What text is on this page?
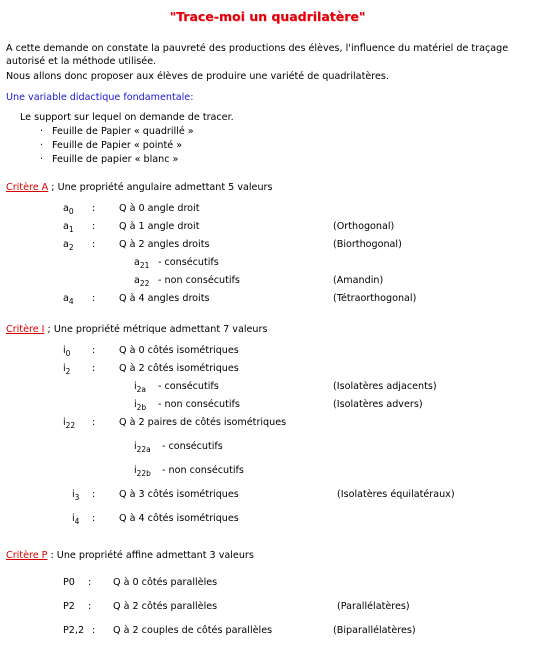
"Trace-moi un quadrilatère"
A cette demande on constate la pauvreté des productions des élèves, l'influence du matériel de traçage
autorisé et la méthode utilisée.
Nous allons donc proposer aux élèves de produire une variété de quadrilatères.
Une variable didactique fondamentale:
Le support sur lequel on demande de tracer.
· Feuille de Papier « quadrillé »
· Feuille de Papier « pointé »
· Feuille de papier « blanc »
Critère A ; Une propriété angulaire admettant 5 valeurs
$a_0$ : Q à 0 angle droit
$a_1$ : Q à 1 angle droit	(Orthogonal)
$a_2$ : Q à 2 angles droits	(Biorthogonal)
$a_{21}$ - consécutifs
$a_{22}$ - non consécutifs	(Amandin)
$a_4$ : Q à 4 angles droits	(Tétraorthogonal)
Critère I ; Une propriété métrique admettant 7 valeurs
$i_0$ : Q à 0 côtés isométriques
$i_2$ : Q à 2 côtés isométriques
$i_{2a}$ - consécutifs	(Isolatères adjacents)
$i_{2b}$ - non consécutifs	(Isolatères advers)
$i_{22}$ : Q à 2 paires de côtés isométriques
$i_{22a}$ - consécutifs
$i_{22b}$ - non consécutifs
$i_3$ : Q à 3 côtés isométriques	(Isolatères équilatéraux)
$i_4$ : Q à 4 côtés isométriques
Critère P : Une propriété affine admettant 3 valeurs
P0 : Q à 0 côtés parallèles
P2 : Q à 2 côtés parallèles	(Parallélatères)
P2,2 : Q à 2 couples de côtés parallèles	(Biparallélatères)
